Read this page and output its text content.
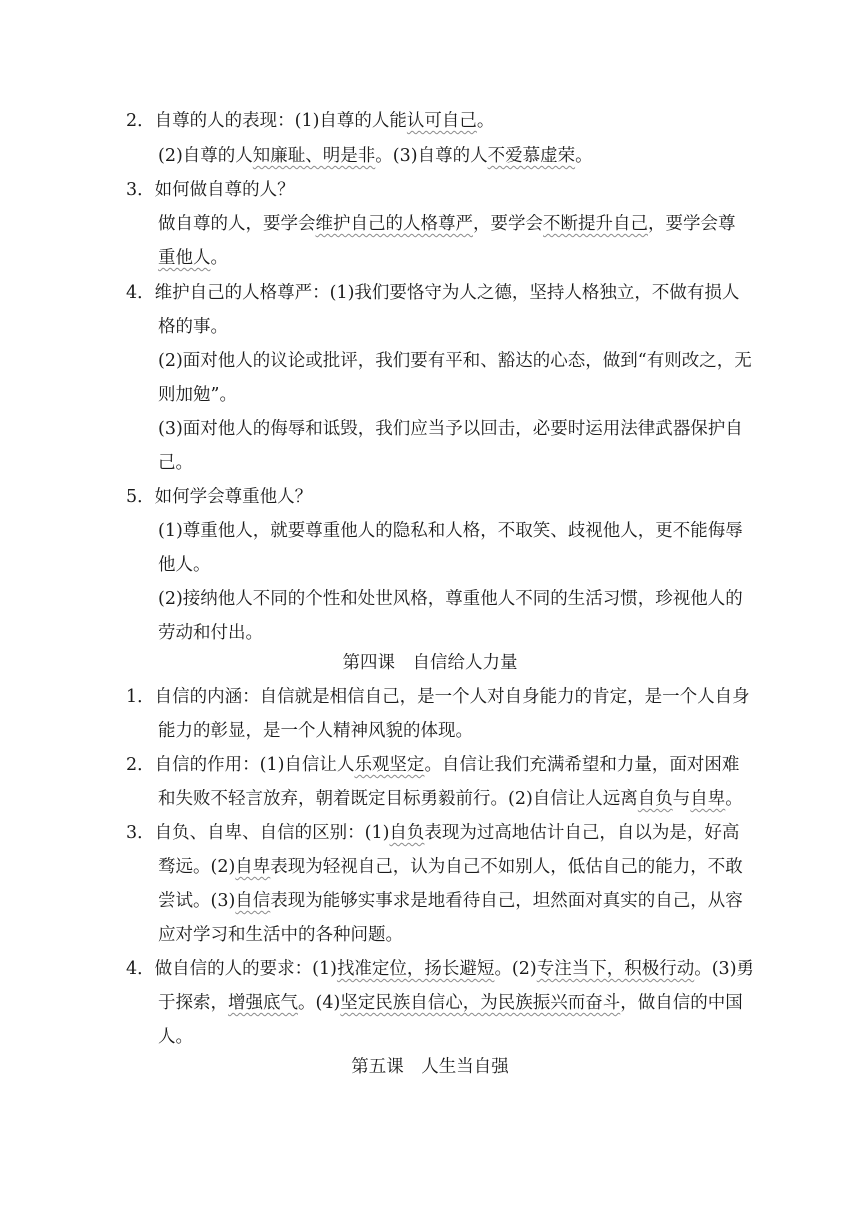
2．自尊的人的表现：(1)自尊的人能认可自己。
(2)自尊的人知廉耻、明是非。(3)自尊的人不爱慕虚荣。
3．如何做自尊的人？
做自尊的人，要学会维护自己的人格尊严，要学会不断提升自己，要学会尊
重他人。
4．维护自己的人格尊严：(1)我们要恪守为人之德，坚持人格独立，不做有损人
格的事。
(2)面对他人的议论或批评，我们要有平和、豁达的心态，做到“有则改之，无
则加勉”。
(3)面对他人的侮辱和诋毁，我们应当予以回击，必要时运用法律武器保护自
己。
5．如何学会尊重他人？
(1)尊重他人，就要尊重他人的隐私和人格，不取笑、歧视他人，更不能侮辱
他人。
(2)接纳他人不同的个性和处世风格，尊重他人不同的生活习惯，珍视他人的
劳动和付出。
第四课　自信给人力量
1．自信的内涵：自信就是相信自己，是一个人对自身能力的肯定，是一个人自身
能力的彰显，是一个人精神风貌的体现。
2．自信的作用：(1)自信让人乐观坚定。自信让我们充满希望和力量，面对困难
和失败不轻言放弃，朝着既定目标勇毅前行。(2)自信让人远离自负与自卑。
3．自负、自卑、自信的区别：(1)自负表现为过高地估计自己，自以为是，好高
骛远。(2)自卑表现为轻视自己，认为自己不如别人，低估自己的能力，不敢
尝试。(3)自信表现为能够实事求是地看待自己，坦然面对真实的自己，从容
应对学习和生活中的各种问题。
4．做自信的人的要求：(1)找准定位，扬长避短。(2)专注当下，积极行动。(3)勇
于探索，增强底气。(4)坚定民族自信心，为民族振兴而奋斗，做自信的中国
人。
第五课　人生当自强
